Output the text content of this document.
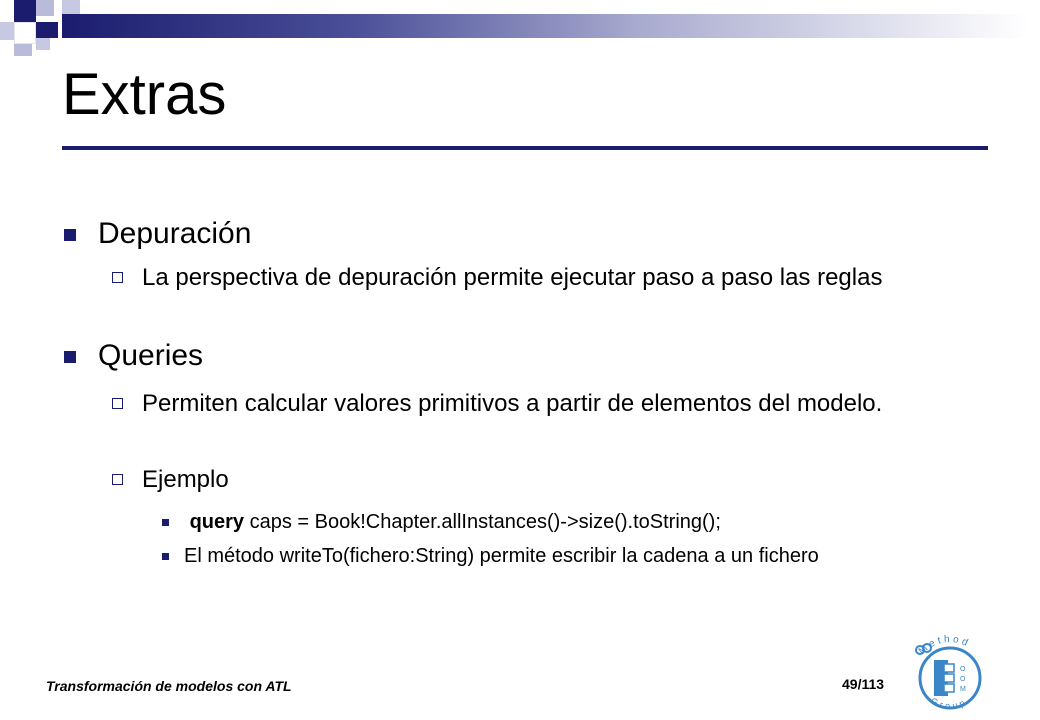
Extras
Depuración
La perspectiva de depuración permite ejecutar paso a paso las reglas
Queries
Permiten calcular valores primitivos a partir de elementos del modelo.
Ejemplo
query caps = Book!Chapter.allInstances()->size().toString();
El método writeTo(fichero:String) permite escribir la cadena a un fichero
Transformación de modelos con ATL	49/113
Method
Group
O
O
M
